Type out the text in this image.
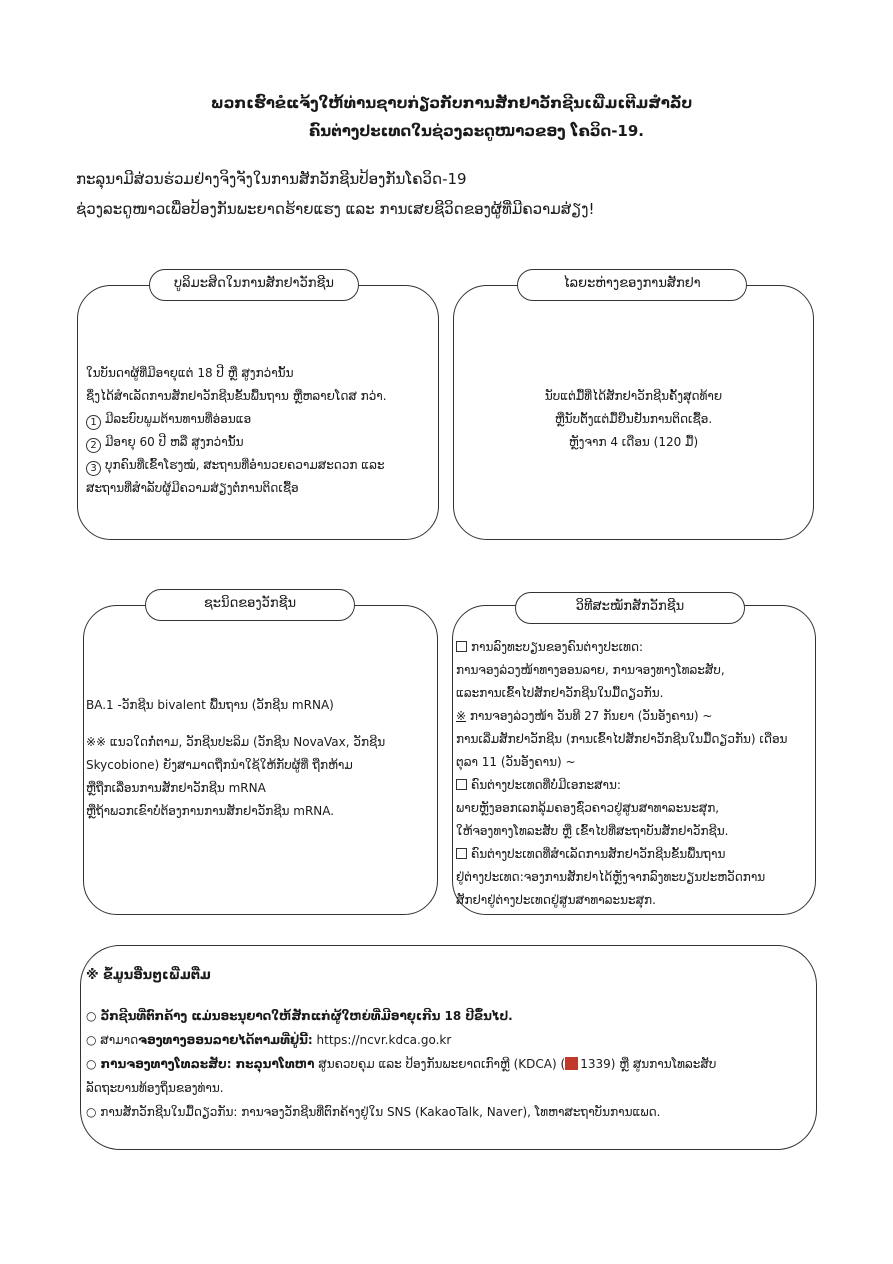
ພວກເຮົາຂໍແຈ້ງໃຫ້ທ່ານຊາບກ່ຽວກັບການສັກຢາວັກຊີນເພີ່ມເຕີມສໍາລັບ
ຄົນຕ່າງປະເທດໃນຊ່ວງລະດູໜາວຂອງ ໂຄວິດ-19.
ກະລຸນາມີສ່ວນຮ່ວມຢ່າງຈິງຈັງໃນການສັກວັກຊີນປ້ອງກັນໂຄວິດ-19
ຊ່ວງລະດູໜາວເພື່ອປ້ອງກັນພະຍາດຮ້າຍແຮງ ແລະ ການເສຍຊີວິດຂອງຜູ້ທີ່ມີຄວາມສ່ຽງ!
ບູລິມະສິດໃນການສັກຢາວັກຊີນ

ໃນບັນດາຜູ້ທີ່ມີອາຍຸແຕ່ 18 ປີ ຫຼື ສູງກວ່ານັ້ນ

ຊຶ່ງໄດ້ສໍາເລັດການສັກຢາວັກຊີນຂັ້ນພື້ນຖານ ຫຼືຫລາຍໂດສ ກວ່າ.

1 ມີລະບົບພູມຕ້ານທານທີ່ອ່ອນແອ

2 ມີອາຍຸ 60 ປີ ຫລື ສູງກວ່ານັ້ນ

3 ບຸກຄົນທີ່ເຂົ້າໂຮງໝໍ, ສະຖານທີ່ອໍານວຍຄວາມສະດວກ ແລະ

ສະຖານທີ່ສໍາລັບຜູ້ມີຄວາມສ່ຽງຕໍ່ການຕິດເຊື້ອ

ໄລຍະຫ່າງຂອງການສັກຢາ

ນັບແຕ່ມື້ທີ່ໄດ້ສັກຢາວັກຊີນຄັ້ງສຸດທ້າຍ

ຫຼືນັບຕັ້ງແຕ່ມື້ຢືນຢັນການຕິດເຊື້ອ.

ຫຼັງຈາກ 4 ເດືອນ (120 ມື້)

ຊະນິດຂອງວັກຊີນ

BA.1 -ວັກຊີນ bivalent ພື້ນຖານ (ວັກຊີນ mRNA)

※※ ແນວໃດກໍ່ຕາມ, ວັກຊີນປະລິມ (ວັກຊີນ NovaVax, ວັກຊີນ

Skycobione) ຍັງສາມາດຖືກນໍາໃຊ້ໃຫ້ກັບຜູ້ທີ່ ຖືກຫ້າມ

ຫຼືຖືກເລື່ອນການສັກຢາວັກຊີນ mRNA

ຫຼືຖ້າພວກເຂົາບໍ່ຕ້ອງການການສັກຢາວັກຊີນ mRNA.

ວິທີສະໝັກສັກວັກຊີນ

ການລົງທະບຽນຂອງຄົນຕ່າງປະເທດ:

ການຈອງລ່ວງໜ້າທາງອອນລາຍ, ການຈອງທາງໂທລະສັບ,

ແລະການເຂົ້າໄປສັກຢາວັກຊີນໃນມື້ດຽວກັນ.

※ ການຈອງລ່ວງໜ້າ ວັນທີ 27 ກັນຍາ (ວັນອັງຄານ) ~

ການເລີ່ມສັກຢາວັກຊີນ (ການເຂົ້າໄປສັກຢາວັກຊີນໃນມື້ດຽວກັນ) ເດືອນ

ຕຸລາ 11 (ວັນອັງຄານ) ~

ຄົນຕ່າງປະເທດທີ່ບໍ່ມີເອກະສານ:

ພາຍຫຼັງອອກເລກລຸ້ມຄອງຊົ່ວຄາວຢູ່ສູນສາທາລະນະສຸກ,

ໃຫ້ຈອງທາງໂທລະສັບ ຫຼື ເຂົ້າໄປທີ່ສະຖາບັນສັກຢາວັກຊີນ.

ຄົນຕ່າງປະເທດທີ່ສໍາເລັດການສັກຢາວັກຊີນຂັ້ນພື້ນຖານ

ຢູ່ຕ່າງປະເທດ:ຈອງການສັກຢາໄດ້ຫຼັງຈາກລົງທະບຽນປະຫວັດການ

ສັກຢາຢູ່ຕ່າງປະເທດຢູ່ສູນສາທາລະນະສຸກ.

※ ຂໍ້ມູນອື່ນໆເພີ່ມຕື່ມ

○ ວັກຊີນທີ່ຕົກຄ້າງ ແມ່ນອະນຸຍາດໃຫ້ສັກແກ່ຜູ້ໃຫຍ່ທີ່ມີອາຍຸເກີນ 18 ປີຂຶ້ນໄປ.

○ ສາມາດຈອງທາງອອນລາຍໄດ້ຕາມທີ່ຢູ່ນີ້: https://ncvr.kdca.go.kr

○ ການຈອງທາງໂທລະສັບ: ກະລຸນາໂທຫາ ສູນຄວບຄຸມ ແລະ ປ້ອງກັນພະຍາດເກົາຫຼີ (KDCA) ( 1339) ຫຼື ສູນການໂທລະສັບ

ລັດຖະບານທ້ອງຖິ່ນຂອງທ່ານ.

○ ການສັກວັກຊີນໃນມື້ດຽວກັນ: ການຈອງວັກຊີນທີ່ຕົກຄ້າງຢູ່ໃນ SNS (KakaoTalk, Naver), ໂທຫາສະຖາບັນການແພດ.
